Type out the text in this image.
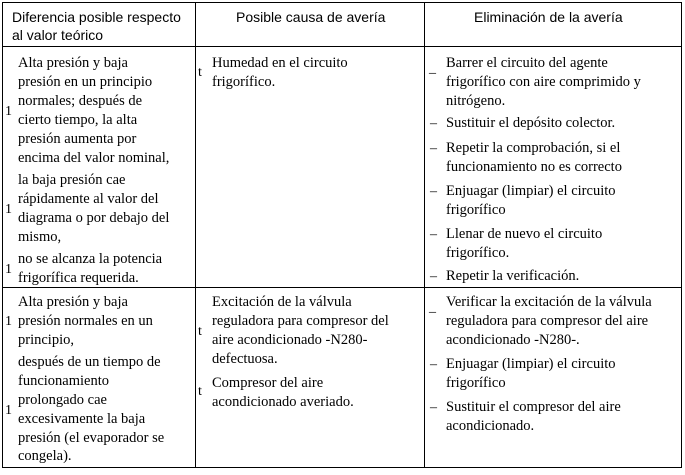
Diferencia posible respecto
al valor teórico
Posible causa de avería	Eliminación de la avería
Alta presión y baja
presión en un principio
normales; después de
cierto tiempo, la alta
presión aumenta por
encima del valor nominal,
la baja presión cae
rápidamente al valor del
diagrama o por debajo del
mismo,
no se alcanza la potencia
frigorífica requerida.
1
1
1
t
Humedad en el circuito
frigorífico.
_ Barrer el circuito del agente
frigorífico con aire comprimido y
nitrógeno.
– Sustituir el depósito colector.
– Repetir la comprobación, si el
funcionamiento no es correcto
– Enjuagar (limpiar) el circuito
frigorífico
– Llenar de nuevo el circuito
frigorífico.
– Repetir la verificación.
Alta presión y baja
presión normales en un
principio,
después de un tiempo de
funcionamiento
prolongado cae
excesivamente la baja
presión (el evaporador se
congela).
1
1
t
Excitación de la válvula
reguladora para compresor del
aire acondicionado -N280-
defectuosa.
t
Compresor del aire
acondicionado averiado.
_ Verificar la excitación de la válvula
reguladora para compresor del aire
acondicionado -N280-.
– Enjuagar (limpiar) el circuito
frigorífico
– Sustituir el compresor del aire
acondicionado.
